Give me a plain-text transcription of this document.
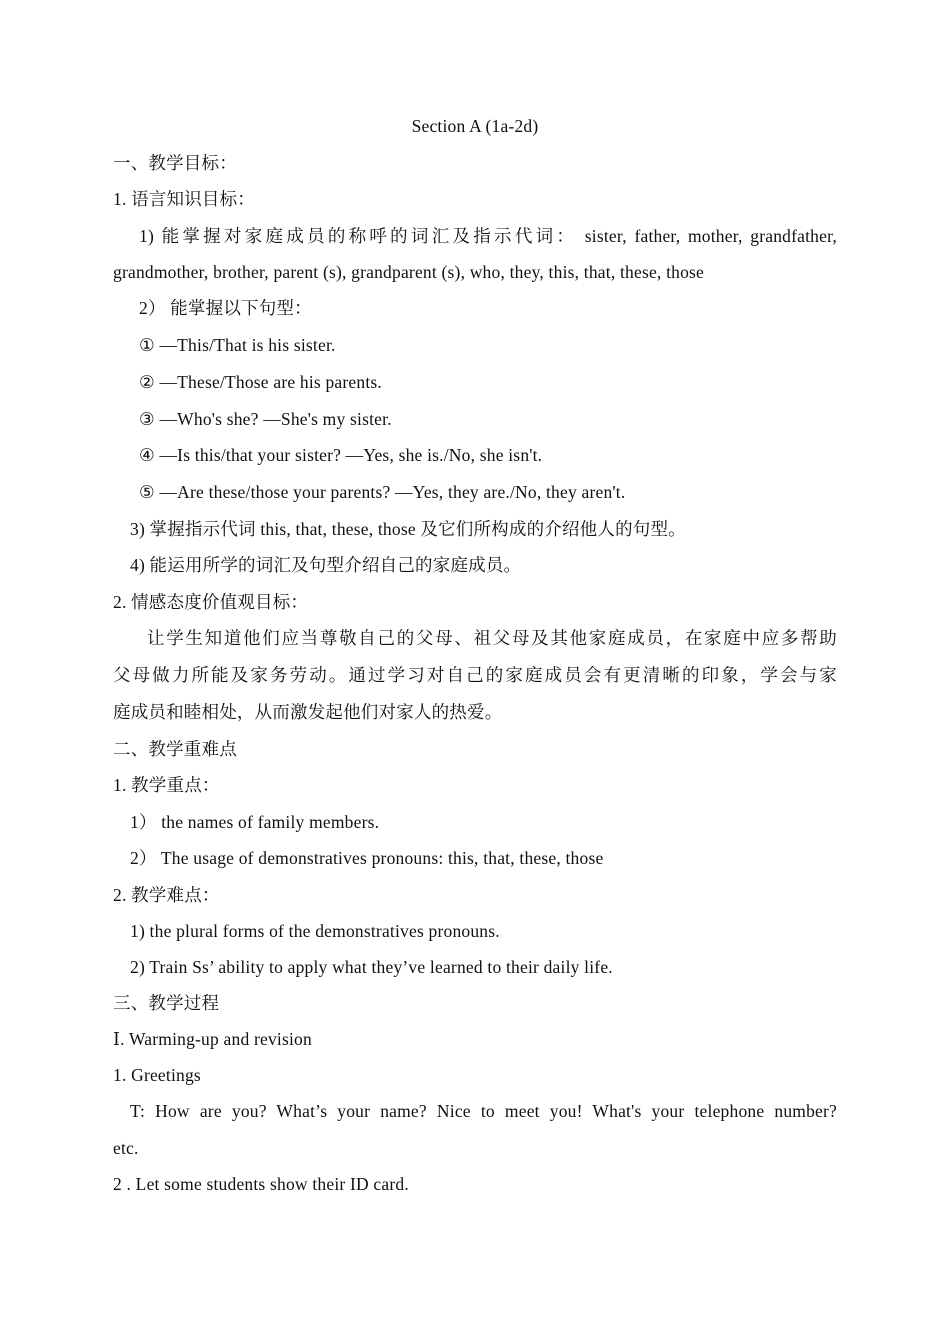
Section A (1a-2d)
一、教学目标：
1. 语言知识目标：
1) 能掌握对家庭成员的称呼的词汇及指示代词： sister, father, mother, grandfather,
grandmother, brother, parent (s), grandparent (s), who, they, this, that, these, those
2） 能掌握以下句型：
① —This/That is his sister.
② —These/Those are his parents.
③ —Who's she? —She's my sister.
④ —Is this/that your sister? —Yes, she is./No, she isn't.
⑤ —Are these/those your parents? —Yes, they are./No, they aren't.
3) 掌握指示代词 this, that, these, those 及它们所构成的介绍他人的句型。
4) 能运用所学的词汇及句型介绍自己的家庭成员。
2. 情感态度价值观目标：
让学生知道他们应当尊敬自己的父母、祖父母及其他家庭成员，在家庭中应多帮助
父母做力所能及家务劳动。通过学习对自己的家庭成员会有更清晰的印象，学会与家
庭成员和睦相处，从而激发起他们对家人的热爱。
二、教学重难点
1. 教学重点：
1） the names of family members.
2） The usage of demonstratives pronouns: this, that, these, those
2. 教学难点：
1) the plural forms of the demonstratives pronouns.
2) Train Ss’ ability to apply what they’ve learned to their daily life.
三、教学过程
Ⅰ. Warming-up and revision
1. Greetings
T: How are you? What’s your name? Nice to meet you! What's your telephone number?
etc.
2 . Let some students show their ID card.
